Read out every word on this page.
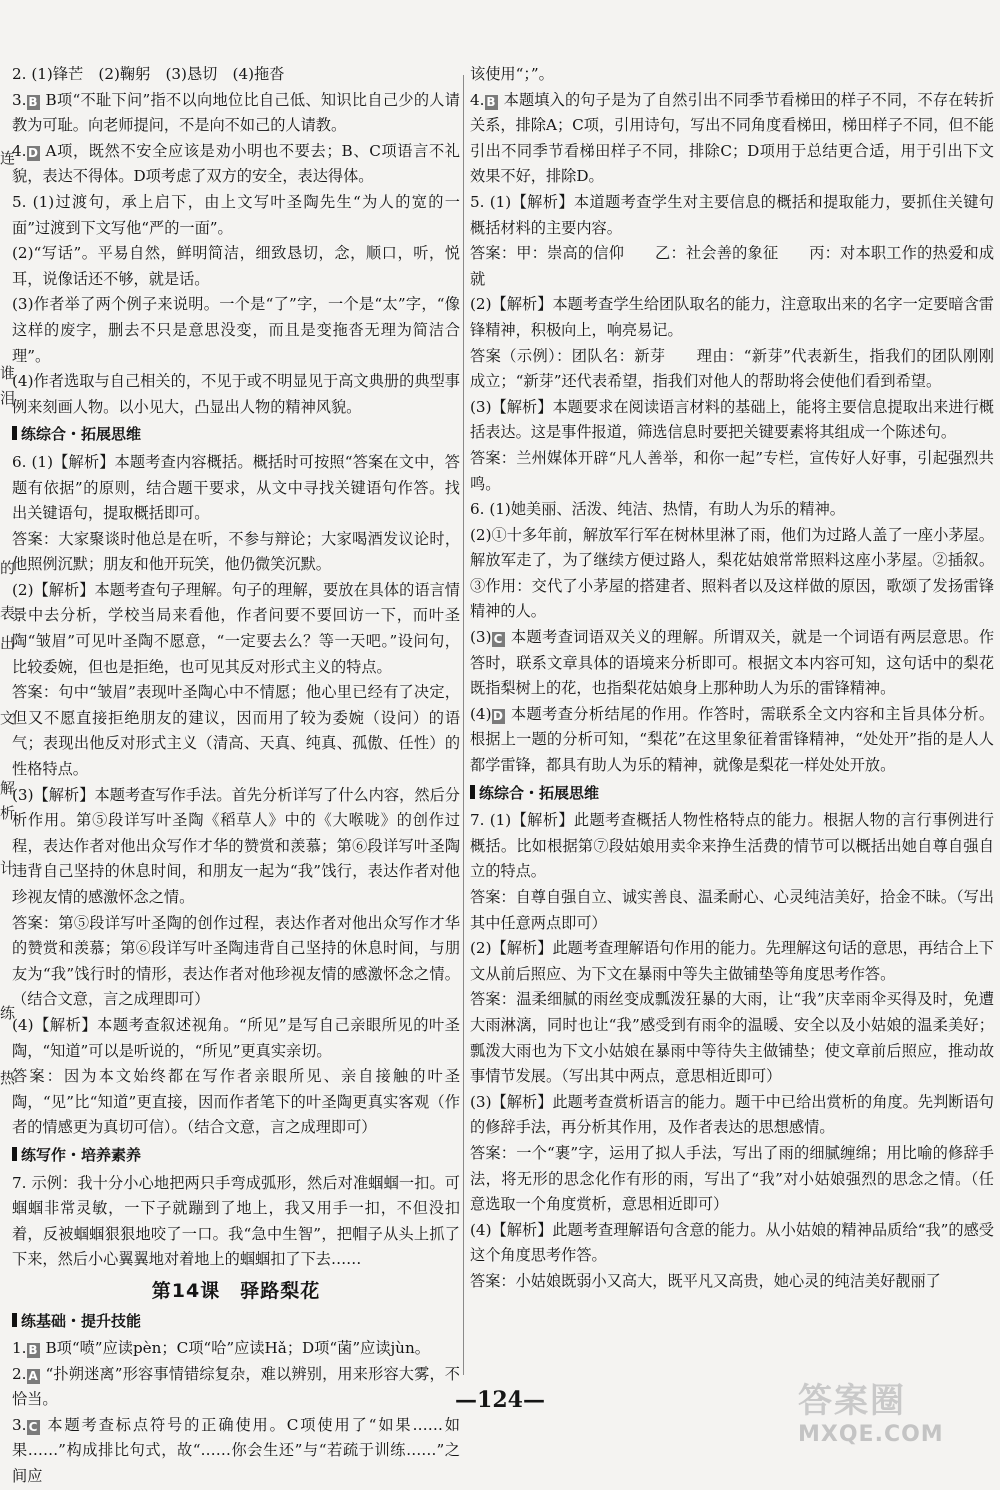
连
谁
泪
的
表
出
文
解
析
计
练
热

2. (1)锋芒　(2)鞠躬　(3)恳切　(4)拖沓

3. B B项“不耻下问”指不以向地位比自己低、知识比自己少的人请教为可耻。向老师提问，不是向不如己的人请教。

4. D A项，既然不安全应该是劝小明也不要去；B、C项语言不礼貌，表达不得体。D项考虑了双方的安全，表达得体。

5. (1)过渡句，承上启下，由上文写叶圣陶先生“为人的宽的一面”过渡到下文写他“严的一面”。

(2)“写话”。平易自然，鲜明简洁，细致恳切，念，顺口，听，悦耳，说像话还不够，就是话。

(3)作者举了两个例子来说明。一个是“了”字，一个是“太”字，“像这样的废字，删去不只是意思没变，而且是变拖沓无理为简洁合理”。

(4)作者选取与自己相关的，不见于或不明显见于高文典册的典型事例来刻画人物。以小见大，凸显出人物的精神风貌。

练综合・拓展思维

6. (1)【解析】本题考查内容概括。概括时可按照“答案在文中，答题有依据”的原则，结合题干要求，从文中寻找关键语句作答。找出关键语句，提取概括即可。

答案：大家聚谈时他总是在听，不参与辩论；大家喝酒发议论时，他照例沉默；朋友和他开玩笑，他仍微笑沉默。

(2)【解析】本题考查句子理解。句子的理解，要放在具体的语言情景中去分析，学校当局来看他，作者问要不要回访一下，而叶圣陶“皱眉”可见叶圣陶不愿意，“一定要去么？等一天吧。”设问句，比较委婉，但也是拒绝，也可见其反对形式主义的特点。

答案：句中“皱眉”表现叶圣陶心中不情愿；他心里已经有了决定，但又不愿直接拒绝朋友的建议，因而用了较为委婉（设问）的语气；表现出他反对形式主义（清高、天真、纯真、孤傲、任性）的性格特点。

(3)【解析】本题考查写作手法。首先分析详写了什么内容，然后分析作用。第⑤段详写叶圣陶《稻草人》中的《大喉咙》的创作过程，表达作者对他出众写作才华的赞赏和羡慕；第⑥段详写叶圣陶违背自己坚持的休息时间，和朋友一起为“我”饯行，表达作者对他珍视友情的感激怀念之情。

答案：第⑤段详写叶圣陶的创作过程，表达作者对他出众写作才华的赞赏和羡慕；第⑥段详写叶圣陶违背自己坚持的休息时间，与朋友为“我”饯行时的情形，表达作者对他珍视友情的感激怀念之情。（结合文意，言之成理即可）

(4)【解析】本题考查叙述视角。“所见”是写自己亲眼所见的叶圣陶，“知道”可以是听说的，“所见”更真实亲切。

答案：因为本文始终都在写作者亲眼所见、亲自接触的叶圣陶，“见”比“知道”更直接，因而作者笔下的叶圣陶更真实客观（作者的情感更为真切可信）。（结合文意，言之成理即可）

练写作・培养素养

7. 示例：我十分小心地把两只手弯成弧形，然后对准蝈蝈一扣。可蝈蝈非常灵敏，一下子就蹦到了地上，我又用手一扣，不但没扣着，反被蝈蝈狠狠地咬了一口。我“急中生智”，把帽子从头上抓了下来，然后小心翼翼地对着地上的蝈蝈扣了下去……

第14课　驿路梨花
练基础・提升技能

1. B B项“喷”应读pèn；C项“哈”应读Hǎ；D项“菌”应读jùn。

2. A “扑朔迷离”形容事情错综复杂，难以辨别，用来形容大雾，不恰当。

3. C 本题考查标点符号的正确使用。C项使用了“如果……如果……”构成排比句式，故“……你会生还”与“若疏于训练……”之间应

该使用“；”。

4. B 本题填入的句子是为了自然引出不同季节看梯田的样子不同，不存在转折关系，排除A；C项，引用诗句，写出不同角度看梯田，梯田样子不同，但不能引出不同季节看梯田样子不同，排除C；D项用于总结更合适，用于引出下文效果不好，排除D。

5. (1)【解析】本道题考查学生对主要信息的概括和提取能力，要抓住关键句概括材料的主要内容。

答案：甲：崇高的信仰　　乙：社会善的象征　　丙：对本职工作的热爱和成就

(2)【解析】本题考查学生给团队取名的能力，注意取出来的名字一定要暗含雷锋精神，积极向上，响亮易记。

答案（示例）：团队名：新芽　　理由：“新芽”代表新生，指我们的团队刚刚成立；“新芽”还代表希望，指我们对他人的帮助将会使他们看到希望。

(3)【解析】本题要求在阅读语言材料的基础上，能将主要信息提取出来进行概括表达。这是事件报道，筛选信息时要把关键要素将其组成一个陈述句。

答案：兰州媒体开辟“凡人善举，和你一起”专栏，宣传好人好事，引起强烈共鸣。

6. (1)她美丽、活泼、纯洁、热情，有助人为乐的精神。

(2)①十多年前，解放军行军在树林里淋了雨，他们为过路人盖了一座小茅屋。解放军走了，为了继续方便过路人，梨花姑娘常常照料这座小茅屋。②插叙。③作用：交代了小茅屋的搭建者、照料者以及这样做的原因，歌颂了发扬雷锋精神的人。

(3) C 本题考查词语双关义的理解。所谓双关，就是一个词语有两层意思。作答时，联系文章具体的语境来分析即可。根据文本内容可知，这句话中的梨花既指梨树上的花，也指梨花姑娘身上那种助人为乐的雷锋精神。

(4) D 本题考查分析结尾的作用。作答时，需联系全文内容和主旨具体分析。根据上一题的分析可知，“梨花”在这里象征着雷锋精神，“处处开”指的是人人都学雷锋，都具有助人为乐的精神，就像是梨花一样处处开放。

练综合・拓展思维

7. (1)【解析】此题考查概括人物性格特点的能力。根据人物的言行事例进行概括。比如根据第⑦段姑娘用卖伞来挣生活费的情节可以概括出她自尊自强自立的特点。

答案：自尊自强自立、诚实善良、温柔耐心、心灵纯洁美好，拾金不昧。（写出其中任意两点即可）

(2)【解析】此题考查理解语句作用的能力。先理解这句话的意思，再结合上下文从前后照应、为下文在暴雨中等失主做铺垫等角度思考作答。

答案：温柔细腻的雨丝变成瓢泼狂暴的大雨，让“我”庆幸雨伞买得及时，免遭大雨淋漓，同时也让“我”感受到有雨伞的温暖、安全以及小姑娘的温柔美好；瓢泼大雨也为下文小姑娘在暴雨中等待失主做铺垫；使文章前后照应，推动故事情节发展。（写出其中两点，意思相近即可）

(3)【解析】此题考查赏析语言的能力。题干中已给出赏析的角度。先判断语句的修辞手法，再分析其作用，及作者表达的思想感情。

答案：一个“裹”字，运用了拟人手法，写出了雨的细腻缠绵；用比喻的修辞手法，将无形的思念化作有形的雨，写出了“我”对小姑娘强烈的思念之情。（任意选取一个角度赏析，意思相近即可）

(4)【解析】此题考查理解语句含意的能力。从小姑娘的精神品质给“我”的感受这个角度思考作答。

答案：小姑娘既弱小又高大，既平凡又高贵，她心灵的纯洁美好靓丽了

—124—	答案圈
MXQE.COM
